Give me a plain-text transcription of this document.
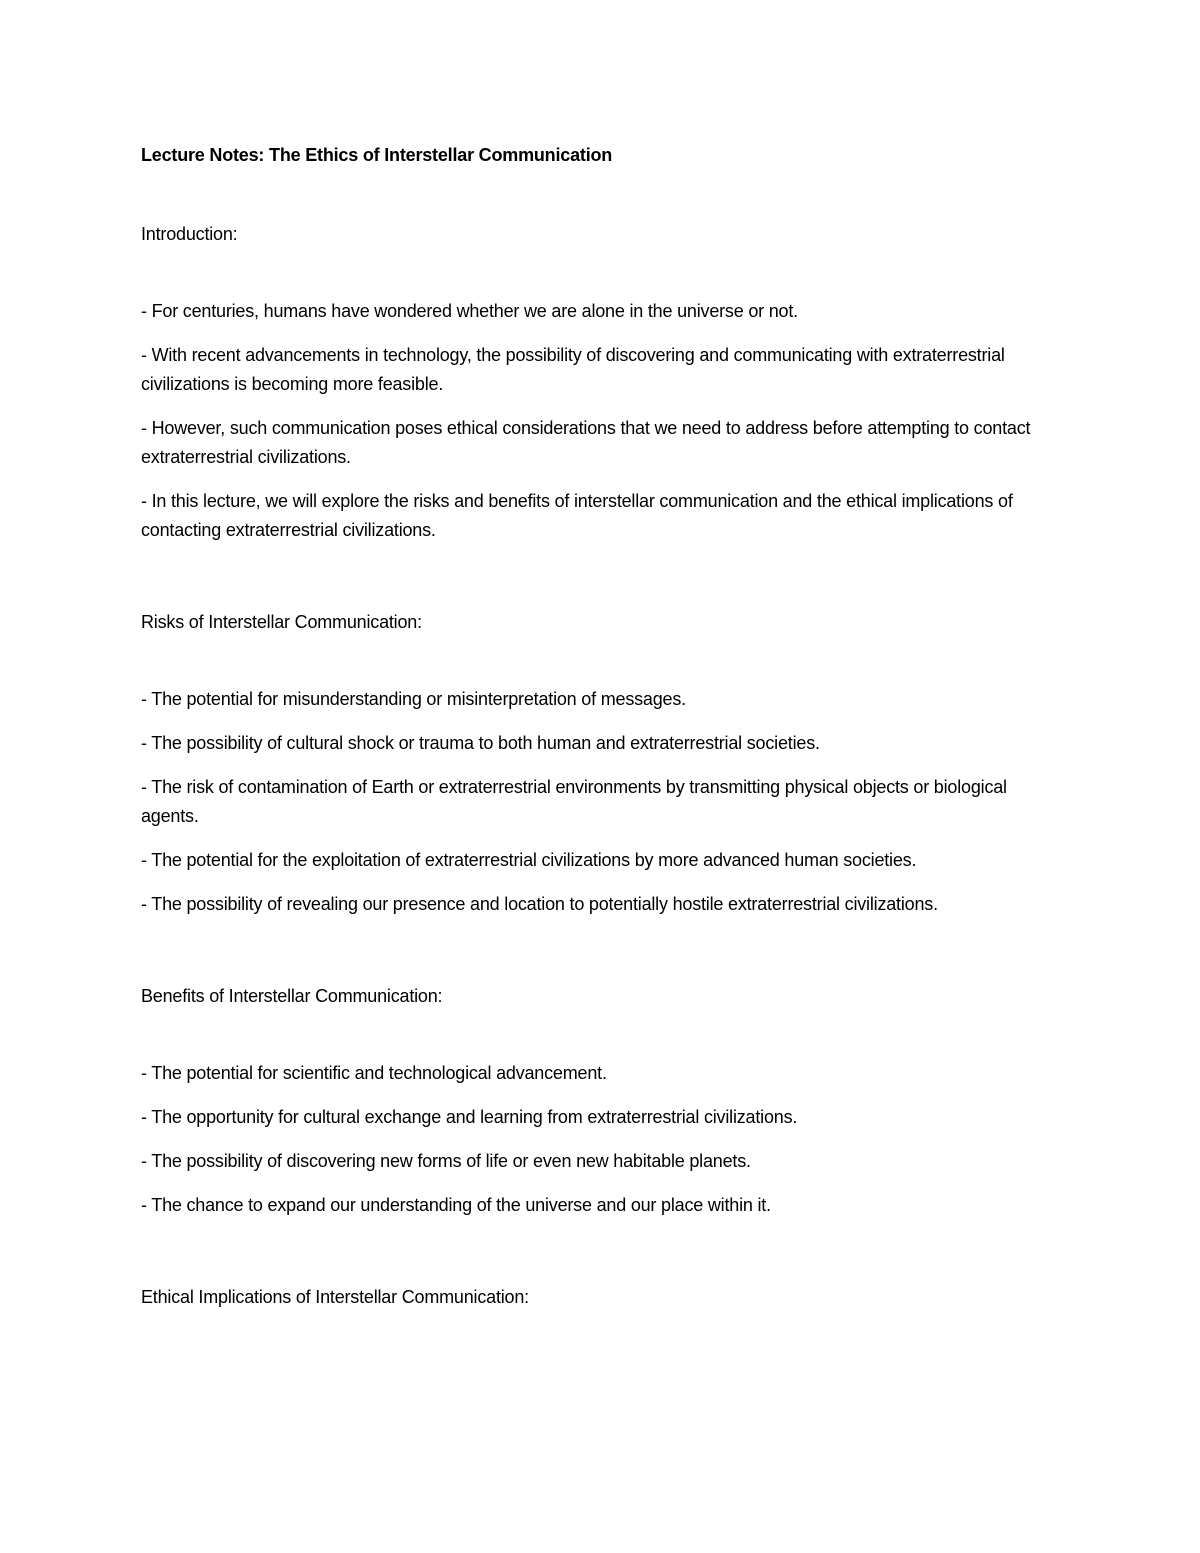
Lecture Notes: The Ethics of Interstellar Communication

Introduction:

- For centuries, humans have wondered whether we are alone in the universe or not.

- With recent advancements in technology, the possibility of discovering and communicating with extraterrestrial civilizations is becoming more feasible.

- However, such communication poses ethical considerations that we need to address before attempting to contact extraterrestrial civilizations.

- In this lecture, we will explore the risks and benefits of interstellar communication and the ethical implications of contacting extraterrestrial civilizations.

Risks of Interstellar Communication:

- The potential for misunderstanding or misinterpretation of messages.

- The possibility of cultural shock or trauma to both human and extraterrestrial societies.

- The risk of contamination of Earth or extraterrestrial environments by transmitting physical objects or biological agents.

- The potential for the exploitation of extraterrestrial civilizations by more advanced human societies.

- The possibility of revealing our presence and location to potentially hostile extraterrestrial civilizations.

Benefits of Interstellar Communication:

- The potential for scientific and technological advancement.

- The opportunity for cultural exchange and learning from extraterrestrial civilizations.

- The possibility of discovering new forms of life or even new habitable planets.

- The chance to expand our understanding of the universe and our place within it.

Ethical Implications of Interstellar Communication:
